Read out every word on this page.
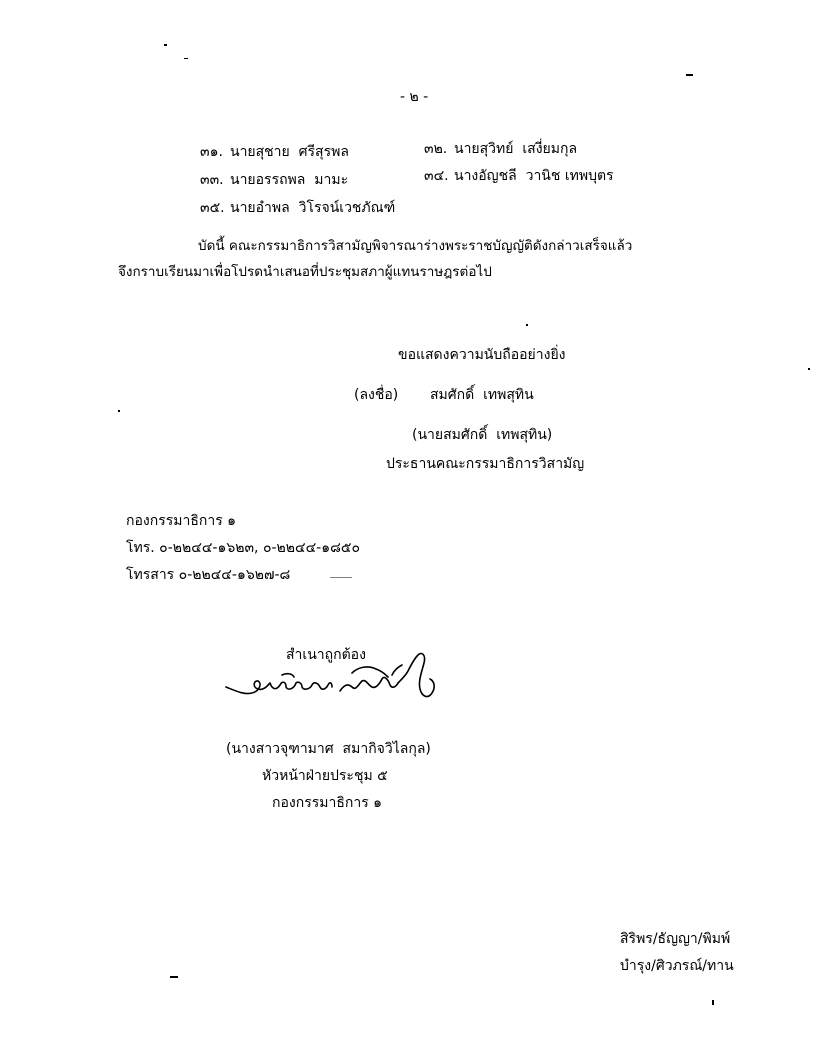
- ๒ -
๓๑. นายสุชาย  ศรีสุรพล	๓๒. นายสุวิทย์  เสงี่ยมกุล
๓๓. นายอรรถพล  มามะ	๓๔. นางอัญชลี  วานิช เทพบุตร
๓๕. นายอำพล  วิโรจน์เวชภัณฑ์
บัดนี้ คณะกรรมาธิการวิสามัญพิจารณาร่างพระราชบัญญัติดังกล่าวเสร็จแล้ว
จึงกราบเรียนมาเพื่อโปรดนำเสนอที่ประชุมสภาผู้แทนราษฎรต่อไป
ขอแสดงความนับถืออย่างยิ่ง
(ลงชื่อ) สมศักดิ์  เทพสุทิน
(นายสมศักดิ์  เทพสุทิน)
ประธานคณะกรรมาธิการวิสามัญ
กองกรรมาธิการ ๑
โทร. ๐-๒๒๔๔-๑๖๒๓, ๐-๒๒๔๔-๑๘๕๐
โทรสาร ๐-๒๒๔๔-๑๖๒๗-๘
สำเนาถูกต้อง
(นางสาวจุฑามาศ  สมากิจวิไลกุล)
หัวหน้าฝ่ายประชุม ๕
กองกรรมาธิการ ๑
สิริพร/ธัญญา/พิมพ์
บำรุง/ศิวภรณ์/ทาน
